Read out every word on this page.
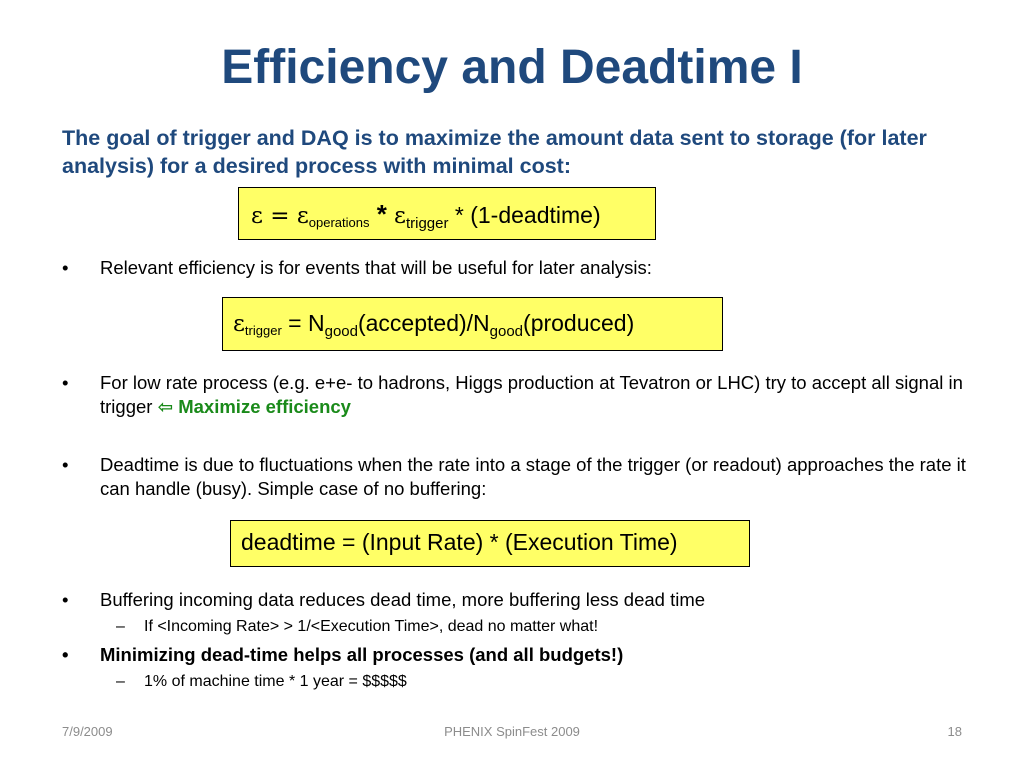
Efficiency and Deadtime I
The goal of trigger and DAQ is to maximize the amount data sent to storage (for later analysis) for a desired process with minimal cost:
$\varepsilon = \varepsilon_{operations} * \varepsilon_{trigger}$ * (1-deadtime)
• Relevant efficiency is for events that will be useful for later analysis:
$\varepsilon_{trigger}$ = $N_{good}(accepted)/N_{good}(produced)$
• For low rate process (e.g. e+e- to hadrons, Higgs production at Tevatron or LHC) try to accept all signal in trigger ⇦ Maximize efficiency
• Deadtime is due to fluctuations when the rate into a stage of the trigger (or readout) approaches the rate it can handle (busy). Simple case of no buffering:
deadtime = (Input Rate) * (Execution Time)
• Buffering incoming data reduces dead time, more buffering less dead time
– If <Incoming Rate> > 1/<Execution Time>, dead no matter what!
• Minimizing dead-time helps all processes (and all budgets!)
– 1% of machine time * 1 year = $$$$$
7/9/2009	PHENIX SpinFest 2009	18
